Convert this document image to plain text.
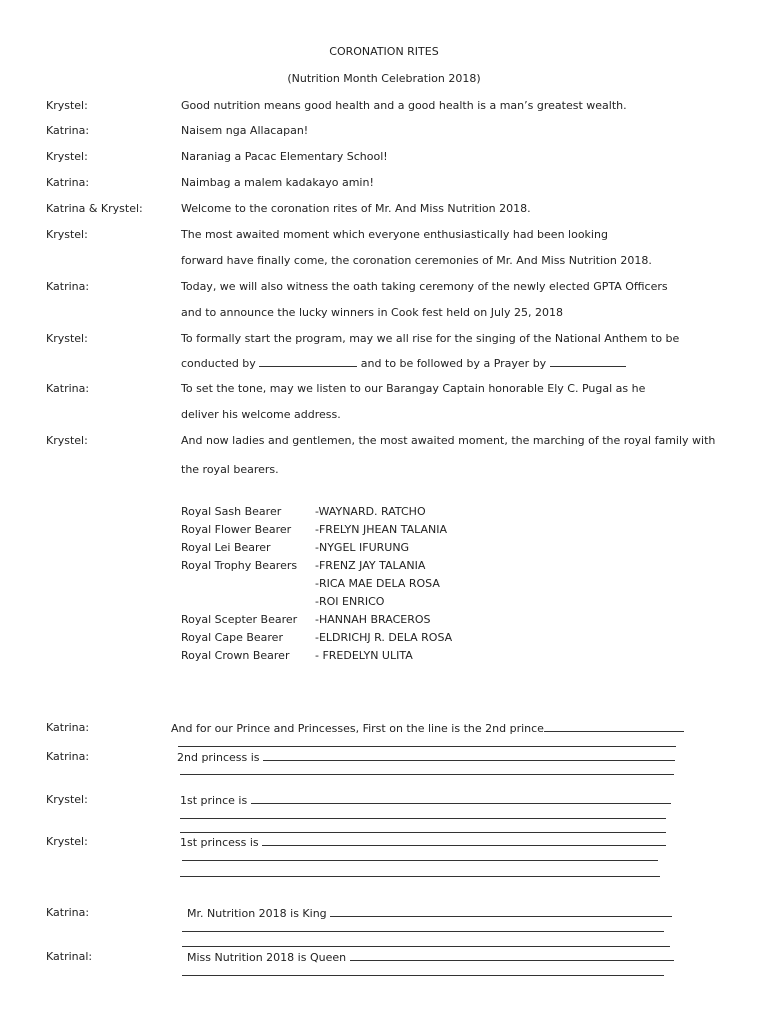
CORONATION RITES
(Nutrition Month Celebration 2018)
Krystel:	Good nutrition means good health and a good health is a man’s greatest wealth.
Katrina:	Naisem nga Allacapan!
Krystel:	Naraniag a Pacac Elementary School!
Katrina:	Naimbag a malem kadakayo amin!
Katrina & Krystel:	Welcome to the coronation rites of Mr. And Miss Nutrition 2018.
Krystel:	The most awaited moment which everyone enthusiastically had been looking
forward have finally come, the coronation ceremonies of Mr. And Miss Nutrition 2018.
Katrina:	Today, we will also witness the oath taking ceremony of the newly elected GPTA Officers
and to announce the lucky winners in Cook fest held on July 25, 2018
Krystel:	To formally start the program, may we all rise for the singing of the National Anthem to be
conducted by	and to be followed by a Prayer by
Katrina:	To set the tone, may we listen to our Barangay Captain honorable Ely C. Pugal as he
deliver his welcome address.
Krystel:	And now ladies and gentlemen, the most awaited moment, the marching of the royal family with
the royal bearers.
Royal Sash Bearer	-WAYNARD. RATCHO
Royal Flower Bearer -FRELYN JHEAN TALANIA
Royal Lei Bearer	-NYGEL IFURUNG
Royal Trophy Bearers -FRENZ JAY TALANIA
-RICA MAE DELA ROSA
-ROI ENRICO
Royal Scepter Bearer -HANNAH BRACEROS
Royal Cape Bearer	-ELDRICHJ R. DELA ROSA
Royal Crown Bearer - FREDELYN ULITA
Katrina:	And for our Prince and Princesses, First on the line is the 2nd prince
Katrina:	2nd princess is
Krystel:	1st prince is
Krystel:	1st princess is
Katrina:	Mr. Nutrition 2018 is King
Katrinal:	Miss Nutrition 2018 is Queen
